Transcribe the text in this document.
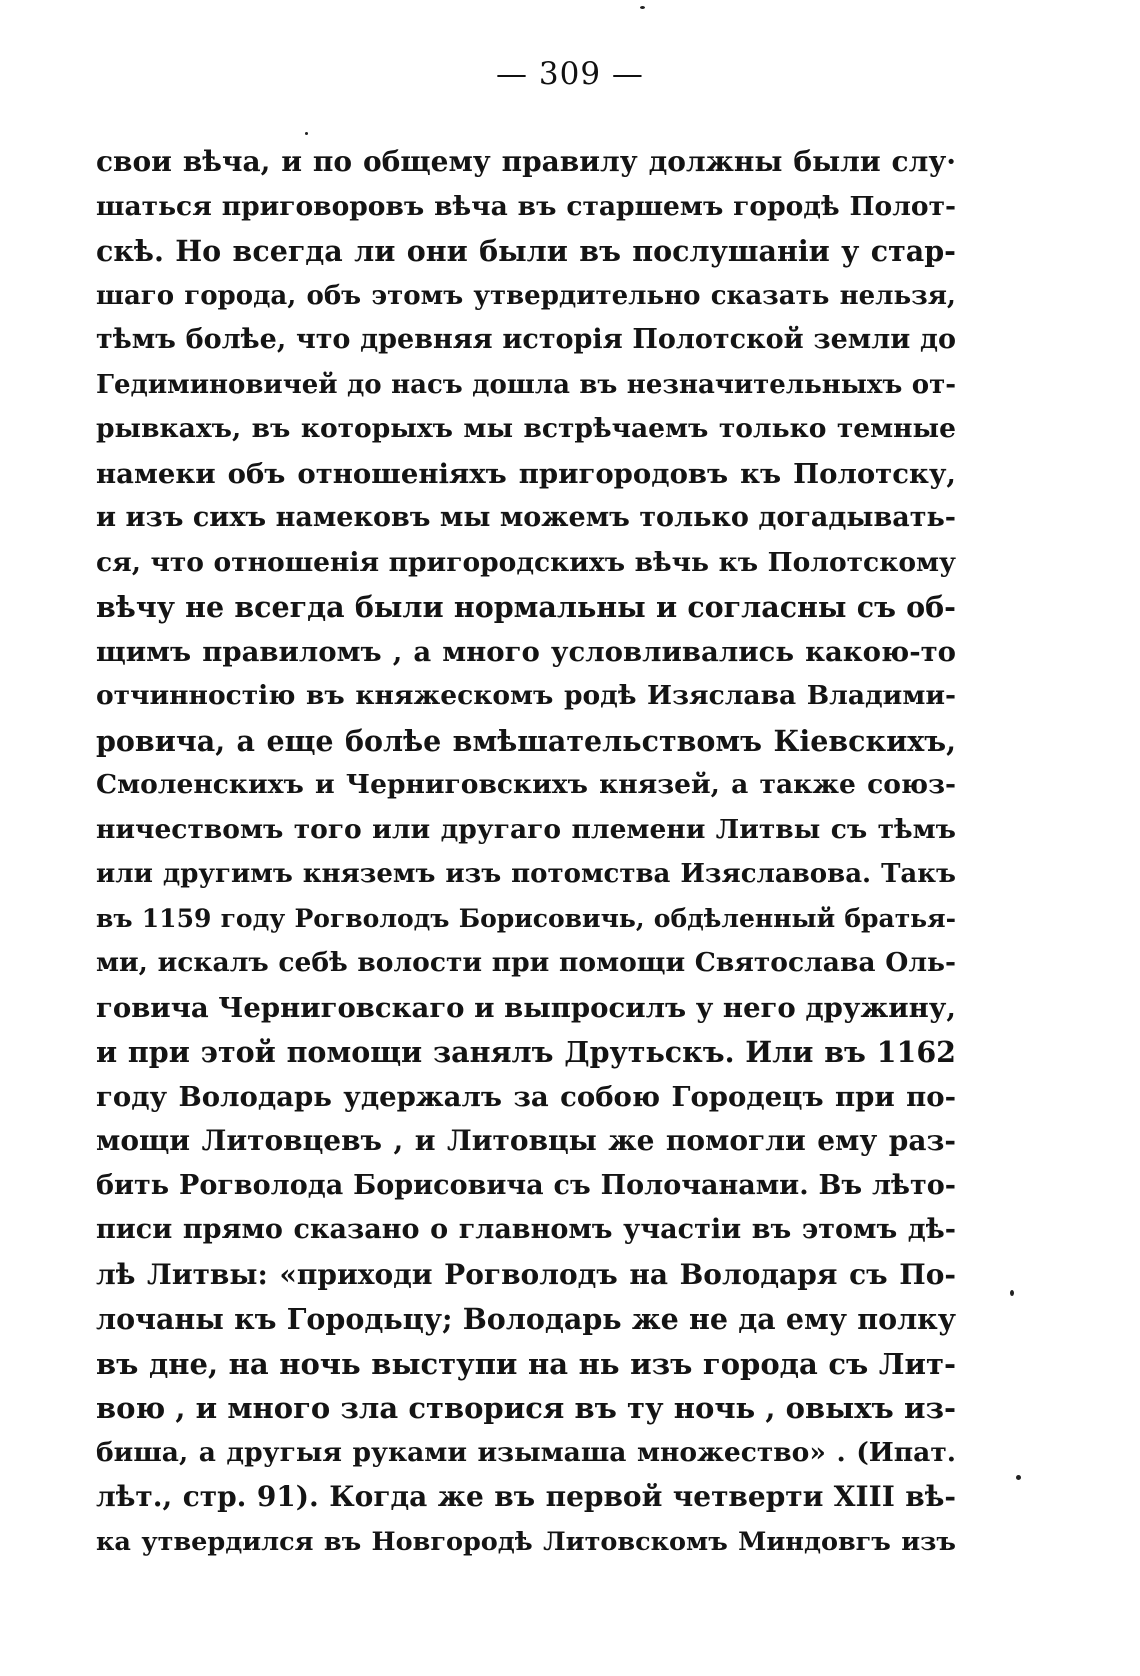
— 309 —
свои вѣча, и по общему правилу должны были слу·
шаться приговоровъ вѣча въ старшемъ городѣ Полот-
скѣ. Но всегда ли они были въ послушанiи у стар-
шаго города, объ этомъ утвердительно сказать нельзя,
тѣмъ болѣе, что древняя исторiя Полотской земли до
Гедиминовичей до насъ дошла въ незначительныхъ от-
рывкахъ, въ которыхъ мы встрѣчаемъ только темные
намеки объ отношенiяхъ пригородовъ къ Полотску,
и изъ сихъ намековъ мы можемъ только догадывать-
ся, что отношенiя пригородскихъ вѣчь къ Полотскому
вѣчу не всегда были нормальны и согласны съ об-
щимъ правиломъ , а много условливались какою-то
отчинностiю въ княжескомъ родѣ Изяслава Владими-
ровича, а еще болѣе вмѣшательствомъ Кiевскихъ,
Смоленскихъ и Черниговскихъ князей, а также союз-
ничествомъ того или другаго племени Литвы съ тѣмъ
или другимъ княземъ изъ потомства Изяславова. Такъ
въ 1159 году Рогволодъ Борисовичь, обдѣленный братья-
ми, искалъ себѣ волости при помощи Святослава Оль-
говича Черниговскаго и выпросилъ у него дружину,
и при этой помощи занялъ Друтьскъ. Или въ 1162
году Володарь удержалъ за собою Городецъ при по-
мощи Литовцевъ , и Литовцы же помогли ему раз-
бить Рогволода Борисовича съ Полочанами. Въ лѣто-
писи прямо сказано о главномъ участiи въ этомъ дѣ-
лѣ Литвы: «приходи Рогволодъ на Володаря съ По-
лочаны къ Городьцу; Володарь же не да ему полку
въ дне, на ночь выступи на нь изъ города съ Лит-
вою , и много зла створися въ ту ночь , овыхъ из-
биша, а другыя руками изымаша множество» . (Ипат.
лѣт., стр. 91). Когда же въ первой четверти XIII вѣ-
ка утвердился въ Новгородѣ Литовскомъ Миндовгъ изъ
